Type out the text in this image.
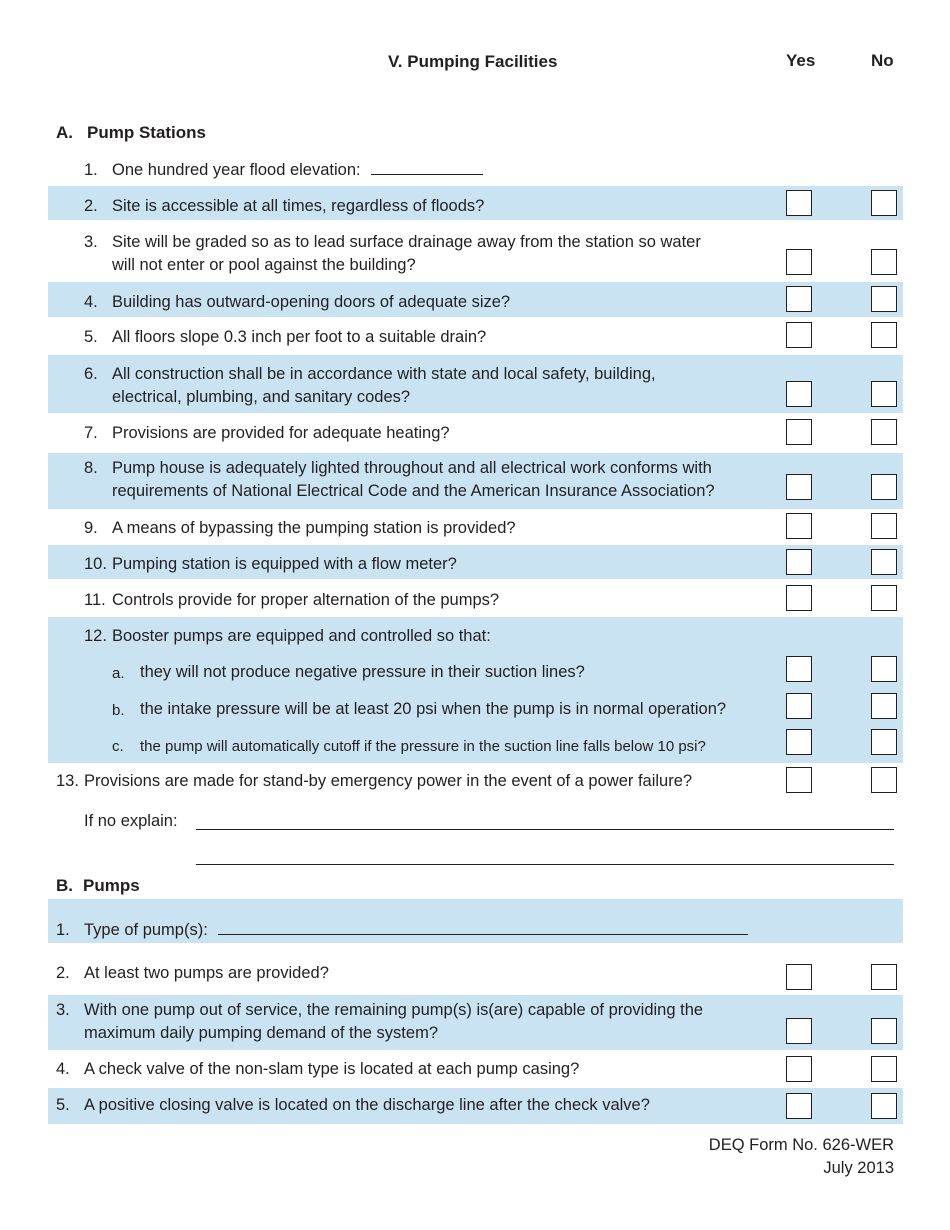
V. Pumping Facilities	Yes	No
A. Pump Stations
1. One hundred year flood elevation:
2. Site is accessible at all times, regardless of floods?
3. Site will be graded so as to lead surface drainage away from the station so water
will not enter or pool against the building?
4. Building has outward-opening doors of adequate size?
5. All floors slope 0.3 inch per foot to a suitable drain?
6. All construction shall be in accordance with state and local safety, building,
electrical, plumbing, and sanitary codes?
7. Provisions are provided for adequate heating?
8. Pump house is adequately lighted throughout and all electrical work conforms with
requirements of National Electrical Code and the American Insurance Association?
9. A means of bypassing the pumping station is provided?
10. Pumping station is equipped with a flow meter?
11. Controls provide for proper alternation of the pumps?
12. Booster pumps are equipped and controlled so that:
a. they will not produce negative pressure in their suction lines?
b. the intake pressure will be at least 20 psi when the pump is in normal operation?
c. the pump will automatically cutoff if the pressure in the suction line falls below 10 psi?
13. Provisions are made for stand-by emergency power in the event of a power failure?
If no explain:
B. Pumps
1. Type of pump(s):
2. At least two pumps are provided?
3. With one pump out of service, the remaining pump(s) is(are) capable of providing the
maximum daily pumping demand of the system?
4. A check valve of the non-slam type is located at each pump casing?
5. A positive closing valve is located on the discharge line after the check valve?
DEQ Form No. 626-WER
July 2013
